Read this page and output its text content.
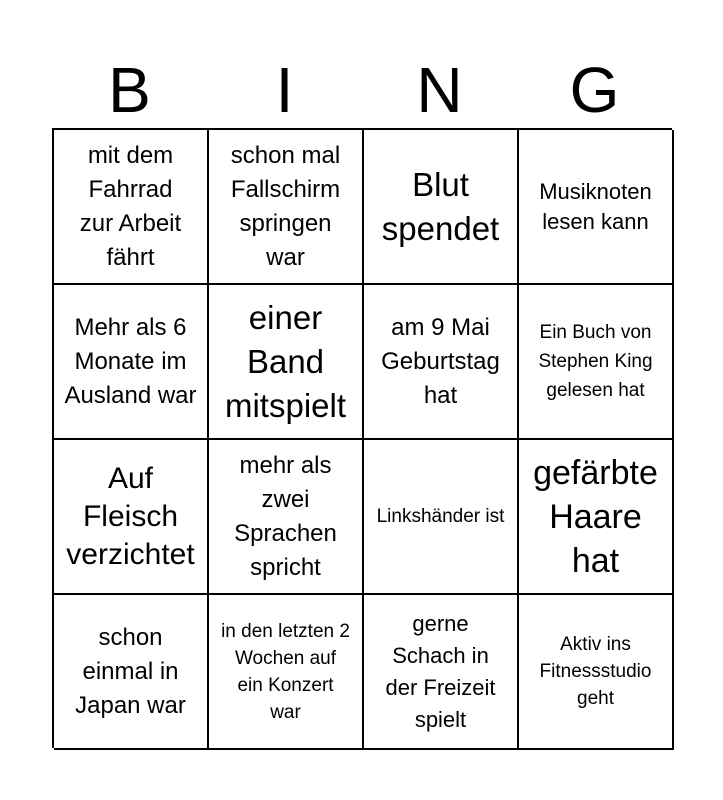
B	I	N	G
mit dem Fahrrad zur Arbeit fährt
schon mal Fallschirm springen war
Blut spendet
Musiknoten lesen kann
Mehr als 6 Monate im Ausland war
einer Band mitspielt
am 9 Mai Geburtstag hat
Ein Buch von Stephen King gelesen hat
Auf Fleisch verzichtet
mehr als zwei Sprachen spricht
Linkshänder ist
gefärbte Haare hat
schon einmal in Japan war
in den letzten 2 Wochen auf ein Konzert war
gerne Schach in der Freizeit spielt
Aktiv ins Fitnessstudio geht
